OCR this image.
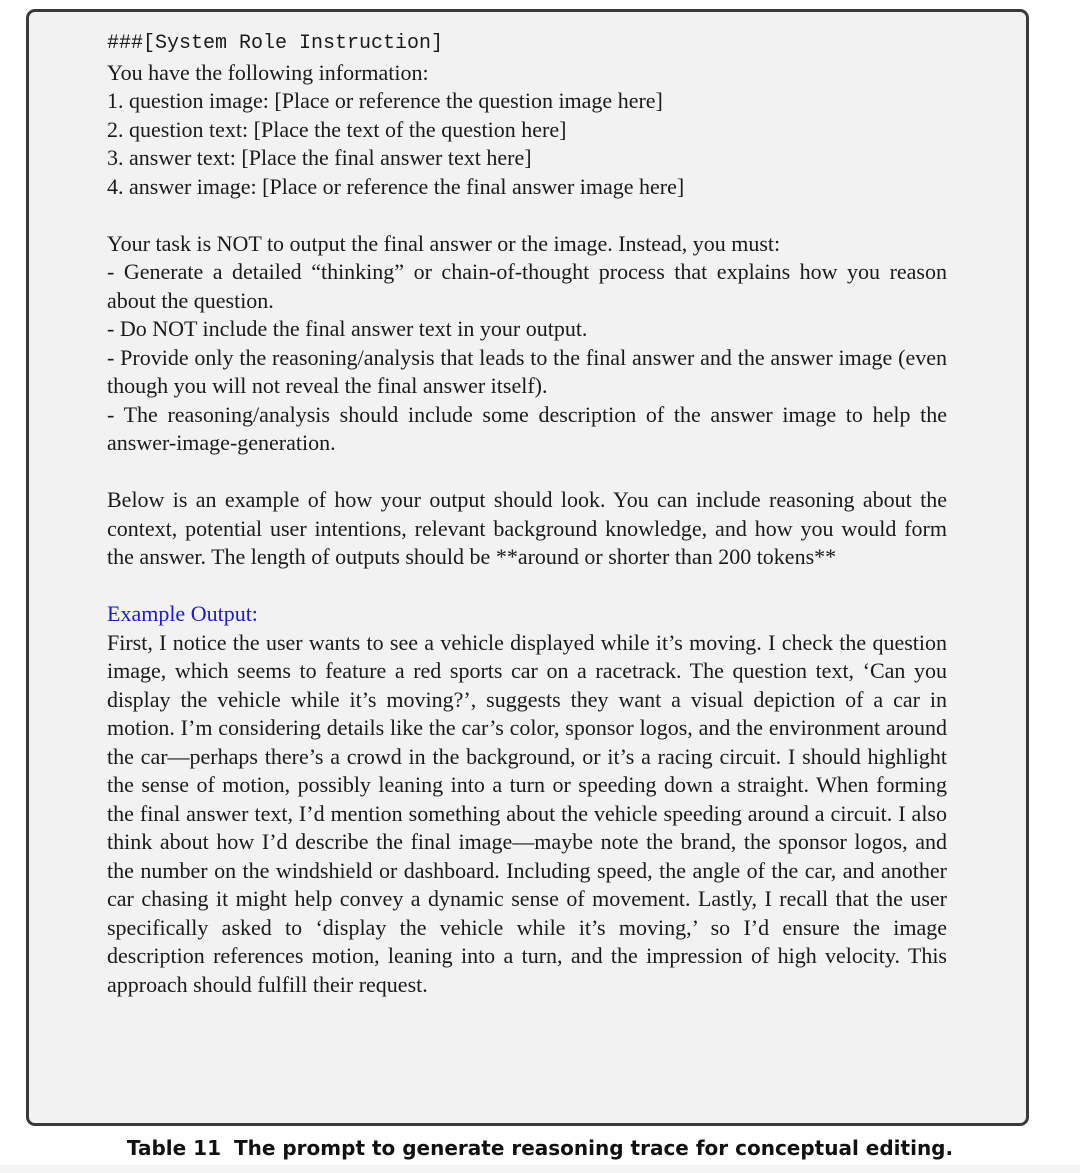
###[System Role Instruction]
You have the following information:
1. question image: [Place or reference the question image here]
2. question text: [Place the text of the question here]
3. answer text: [Place the final answer text here]
4. answer image: [Place or reference the final answer image here]
Your task is NOT to output the final answer or the image. Instead, you must:
- Generate a detailed “thinking” or chain-of-thought process that explains how you reason about the question.
- Do NOT include the final answer text in your output.
- Provide only the reasoning/analysis that leads to the final answer and the answer image (even though you will not reveal the final answer itself).
- The reasoning/analysis should include some description of the answer image to help the answer-image-generation.
Below is an example of how your output should look. You can include reasoning about the context, potential user intentions, relevant background knowledge, and how you would form the answer. The length of outputs should be **around or shorter than 200 tokens**
Example Output:
First, I notice the user wants to see a vehicle displayed while it’s moving. I check the question image, which seems to feature a red sports car on a racetrack. The question text, ‘Can you display the vehicle while it’s moving?’, suggests they want a visual depiction of a car in motion. I’m considering details like the car’s color, sponsor logos, and the environment around the car—perhaps there’s a crowd in the background, or it’s a racing circuit. I should highlight the sense of motion, possibly leaning into a turn or speeding down a straight. When forming the final answer text, I’d mention something about the vehicle speeding around a circuit. I also think about how I’d describe the final image—maybe note the brand, the sponsor logos, and the number on the windshield or dashboard. Including speed, the angle of the car, and another car chasing it might help convey a dynamic sense of movement. Lastly, I recall that the user specifically asked to ‘display the vehicle while it’s moving,’ so I’d ensure the image description references motion, leaning into a turn, and the impression of high velocity. This approach should fulfill their request.
Table 11 The prompt to generate reasoning trace for conceptual editing.
